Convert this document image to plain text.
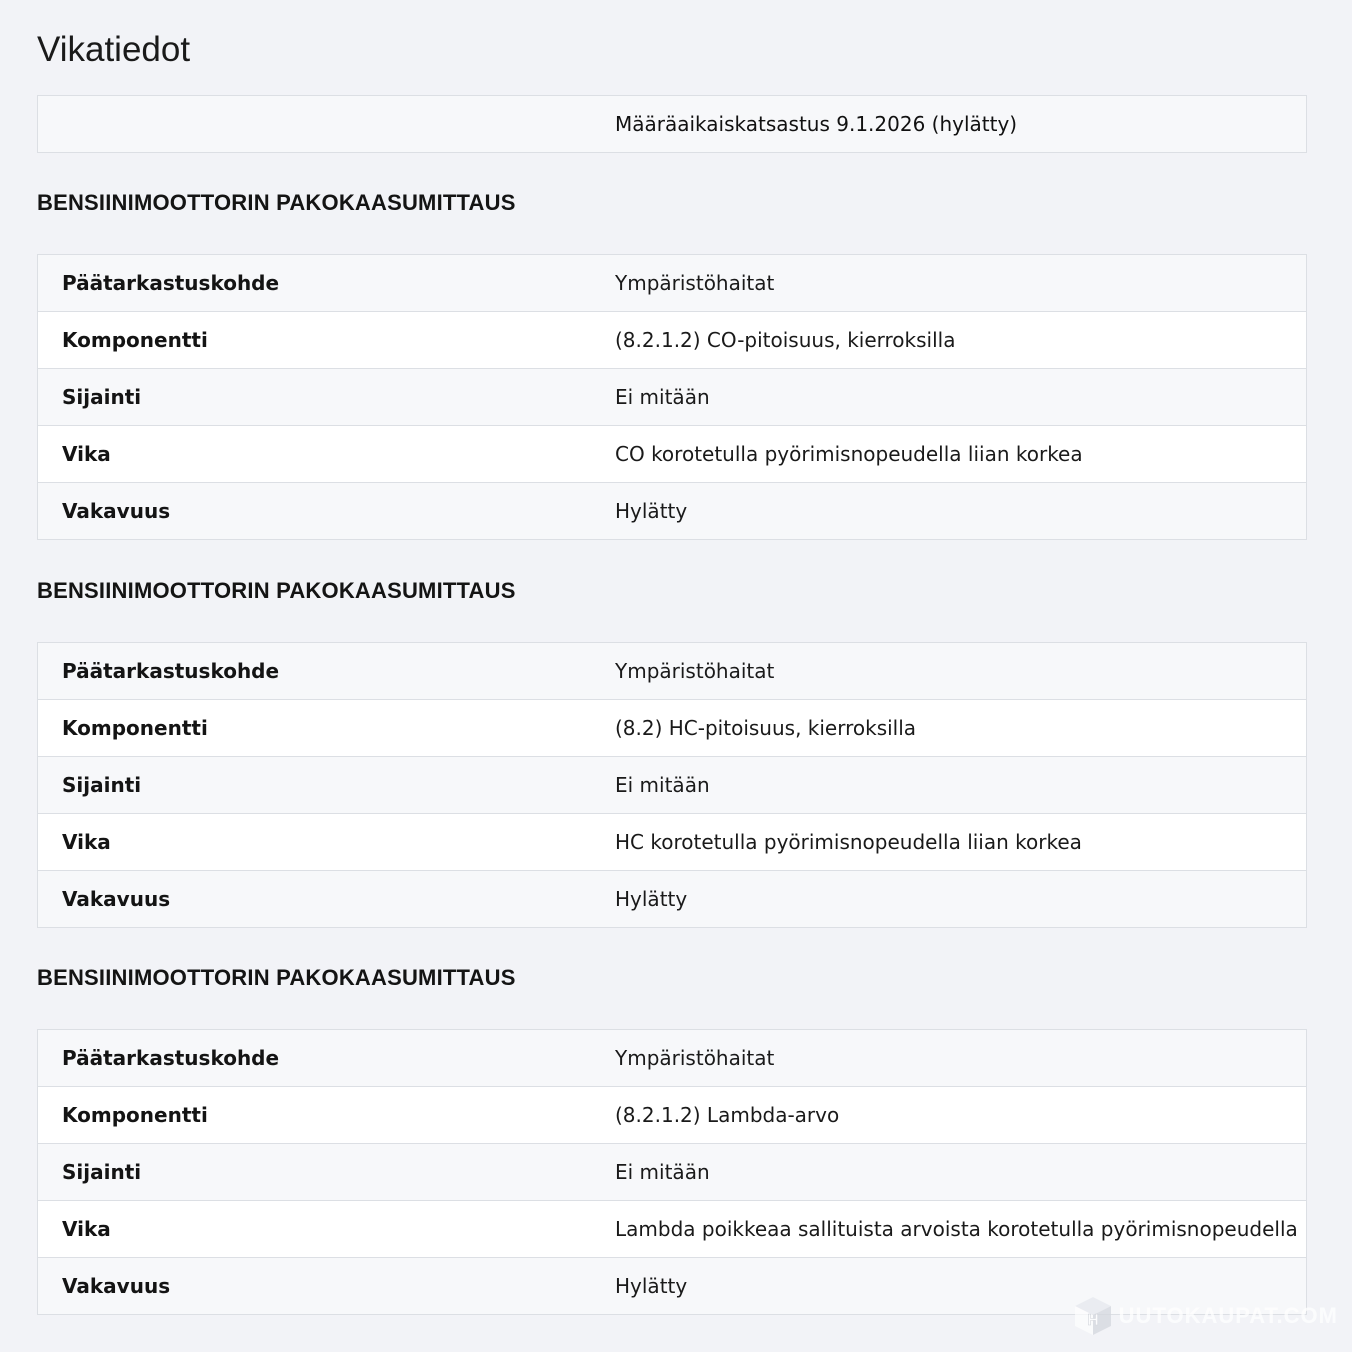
Vikatiedot
Määräaikaiskatsastus 9.1.2026 (hylätty)
BENSIINIMOOTTORIN PAKOKAASUMITTAUS
Päätarkastuskohde	Ympäristöhaitat
Komponentti	(8.2.1.2) CO-pitoisuus, kierroksilla
Sijainti	Ei mitään
Vika	CO korotetulla pyörimisnopeudella liian korkea
Vakavuus	Hylätty
BENSIINIMOOTTORIN PAKOKAASUMITTAUS
Päätarkastuskohde	Ympäristöhaitat
Komponentti	(8.2) HC-pitoisuus, kierroksilla
Sijainti	Ei mitään
Vika	HC korotetulla pyörimisnopeudella liian korkea
Vakavuus	Hylätty
BENSIINIMOOTTORIN PAKOKAASUMITTAUS
Päätarkastuskohde	Ympäristöhaitat
Komponentti	(8.2.1.2) Lambda-arvo
Sijainti	Ei mitään
Vika	Lambda poikkeaa sallituista arvoista korotetulla pyörimisnopeudella
Vakavuus	Hylätty
H UUTOKAUPAT.COM
